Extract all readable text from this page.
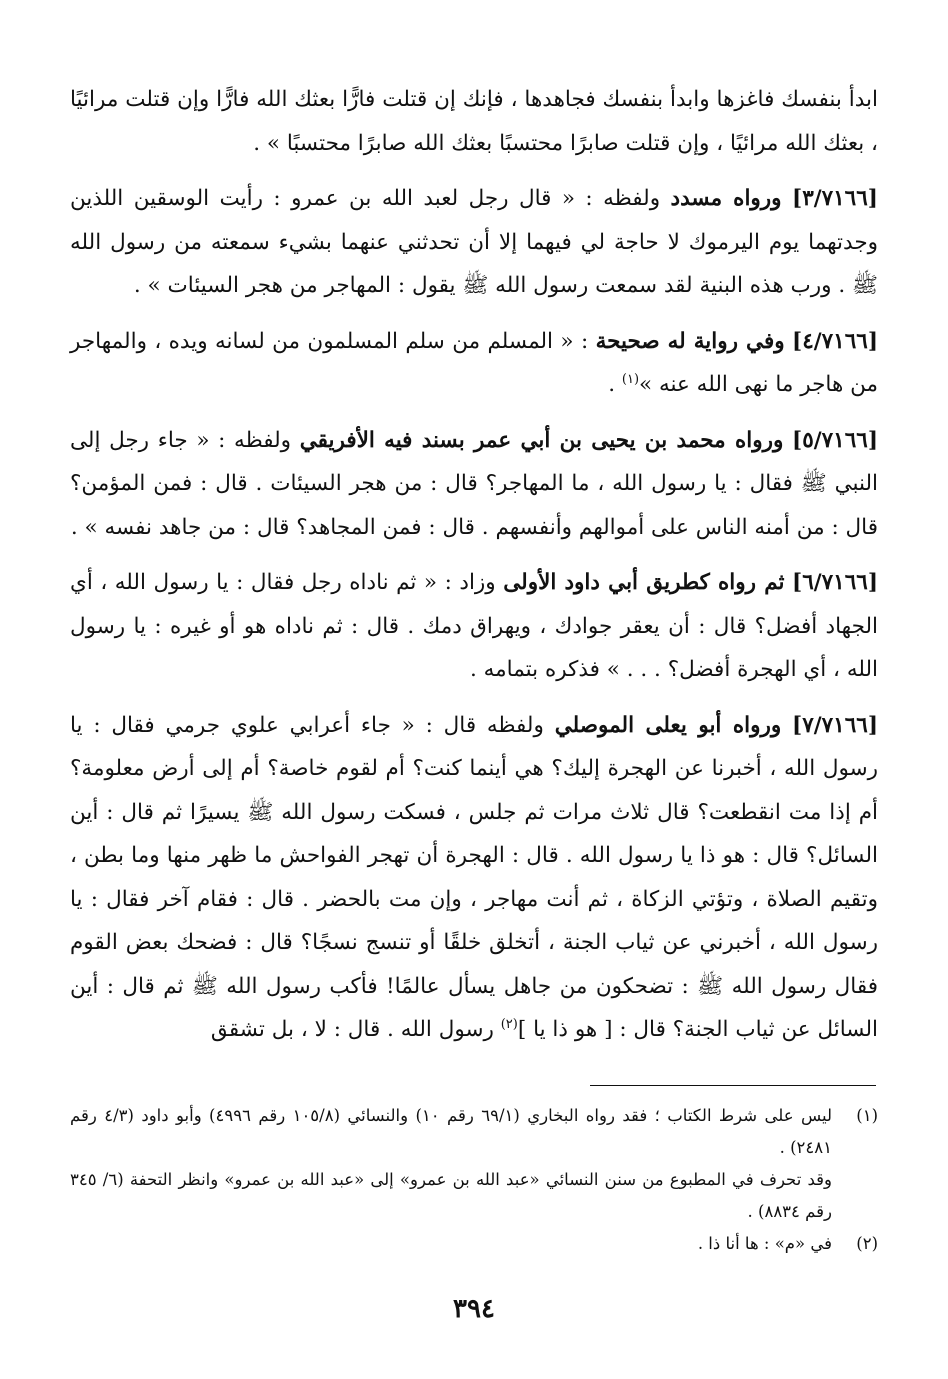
ابدأ بنفسك فاغزها وابدأ بنفسك فجاهدها ، فإنك إن قتلت فارًّا بعثك الله فارًّا وإن قتلت مرائيًا ، بعثك الله مرائيًا ، وإن قتلت صابرًا محتسبًا بعثك الله صابرًا محتسبًا » .

[٣/٧١٦٦] ورواه مسدد ولفظه : « قال رجل لعبد الله بن عمرو : رأيت الوسقين اللذين وجدتهما يوم اليرموك لا حاجة لي فيهما إلا أن تحدثني عنهما بشيء سمعته من رسول الله ﷺ . ورب هذه البنية لقد سمعت رسول الله ﷺ يقول : المهاجر من هجر السيئات » .

[٤/٧١٦٦] وفي رواية له صحيحة : « المسلم من سلم المسلمون من لسانه ويده ، والمهاجر من هاجر ما نهى الله عنه »$^{(١)}$ .

[٥/٧١٦٦] ورواه محمد بن يحيى بن أبي عمر بسند فيه الأفريقي ولفظه : « جاء رجل إلى النبي ﷺ فقال : يا رسول الله ، ما المهاجر؟ قال : من هجر السيئات . قال : فمن المؤمن؟ قال : من أمنه الناس على أموالهم وأنفسهم . قال : فمن المجاهد؟ قال : من جاهد نفسه » .

[٦/٧١٦٦] ثم رواه كطريق أبي داود الأولى وزاد : « ثم ناداه رجل فقال : يا رسول الله ، أي الجهاد أفضل؟ قال : أن يعقر جوادك ، ويهراق دمك . قال : ثم ناداه هو أو غيره : يا رسول الله ، أي الهجرة أفضل؟ . . . » فذكره بتمامه .

[٧/٧١٦٦] ورواه أبو يعلى الموصلي ولفظه قال : « جاء أعرابي علوي جرمي فقال : يا رسول الله ، أخبرنا عن الهجرة إليك؟ هي أينما كنت؟ أم لقوم خاصة؟ أم إلى أرض معلومة؟ أم إذا مت انقطعت؟ قال ثلاث مرات ثم جلس ، فسكت رسول الله ﷺ يسيرًا ثم قال : أين السائل؟ قال : هو ذا يا رسول الله . قال : الهجرة أن تهجر الفواحش ما ظهر منها وما بطن ، وتقيم الصلاة ، وتؤتي الزكاة ، ثم أنت مهاجر ، وإن مت بالحضر . قال : فقام آخر فقال : يا رسول الله ، أخبرني عن ثياب الجنة ، أتخلق خلقًا أو تنسج نسجًا؟ قال : فضحك بعض القوم فقال رسول الله ﷺ : تضحكون من جاهل يسأل عالمًا! فأكب رسول الله ﷺ ثم قال : أين السائل عن ثياب الجنة؟ قال : [ هو ذا يا ]$^{(٢)}$ رسول الله . قال : لا ، بل تشقق

(١)
ليس على شرط الكتاب ؛ فقد رواه البخاري (٦٩/١ رقم ١٠) والنسائي (١٠٥/٨ رقم ٤٩٩٦) وأبو داود (٤/٣ رقم ٢٤٨١) .
وقد تحرف في المطبوع من سنن النسائي «عبد الله بن عمرو» إلى «عبد الله بن عمرو» وانظر التحفة (٦/ ٣٤٥ رقم ٨٨٣٤) .
(٢)
في «م» : ها أنا ذا .
٣٩٤
